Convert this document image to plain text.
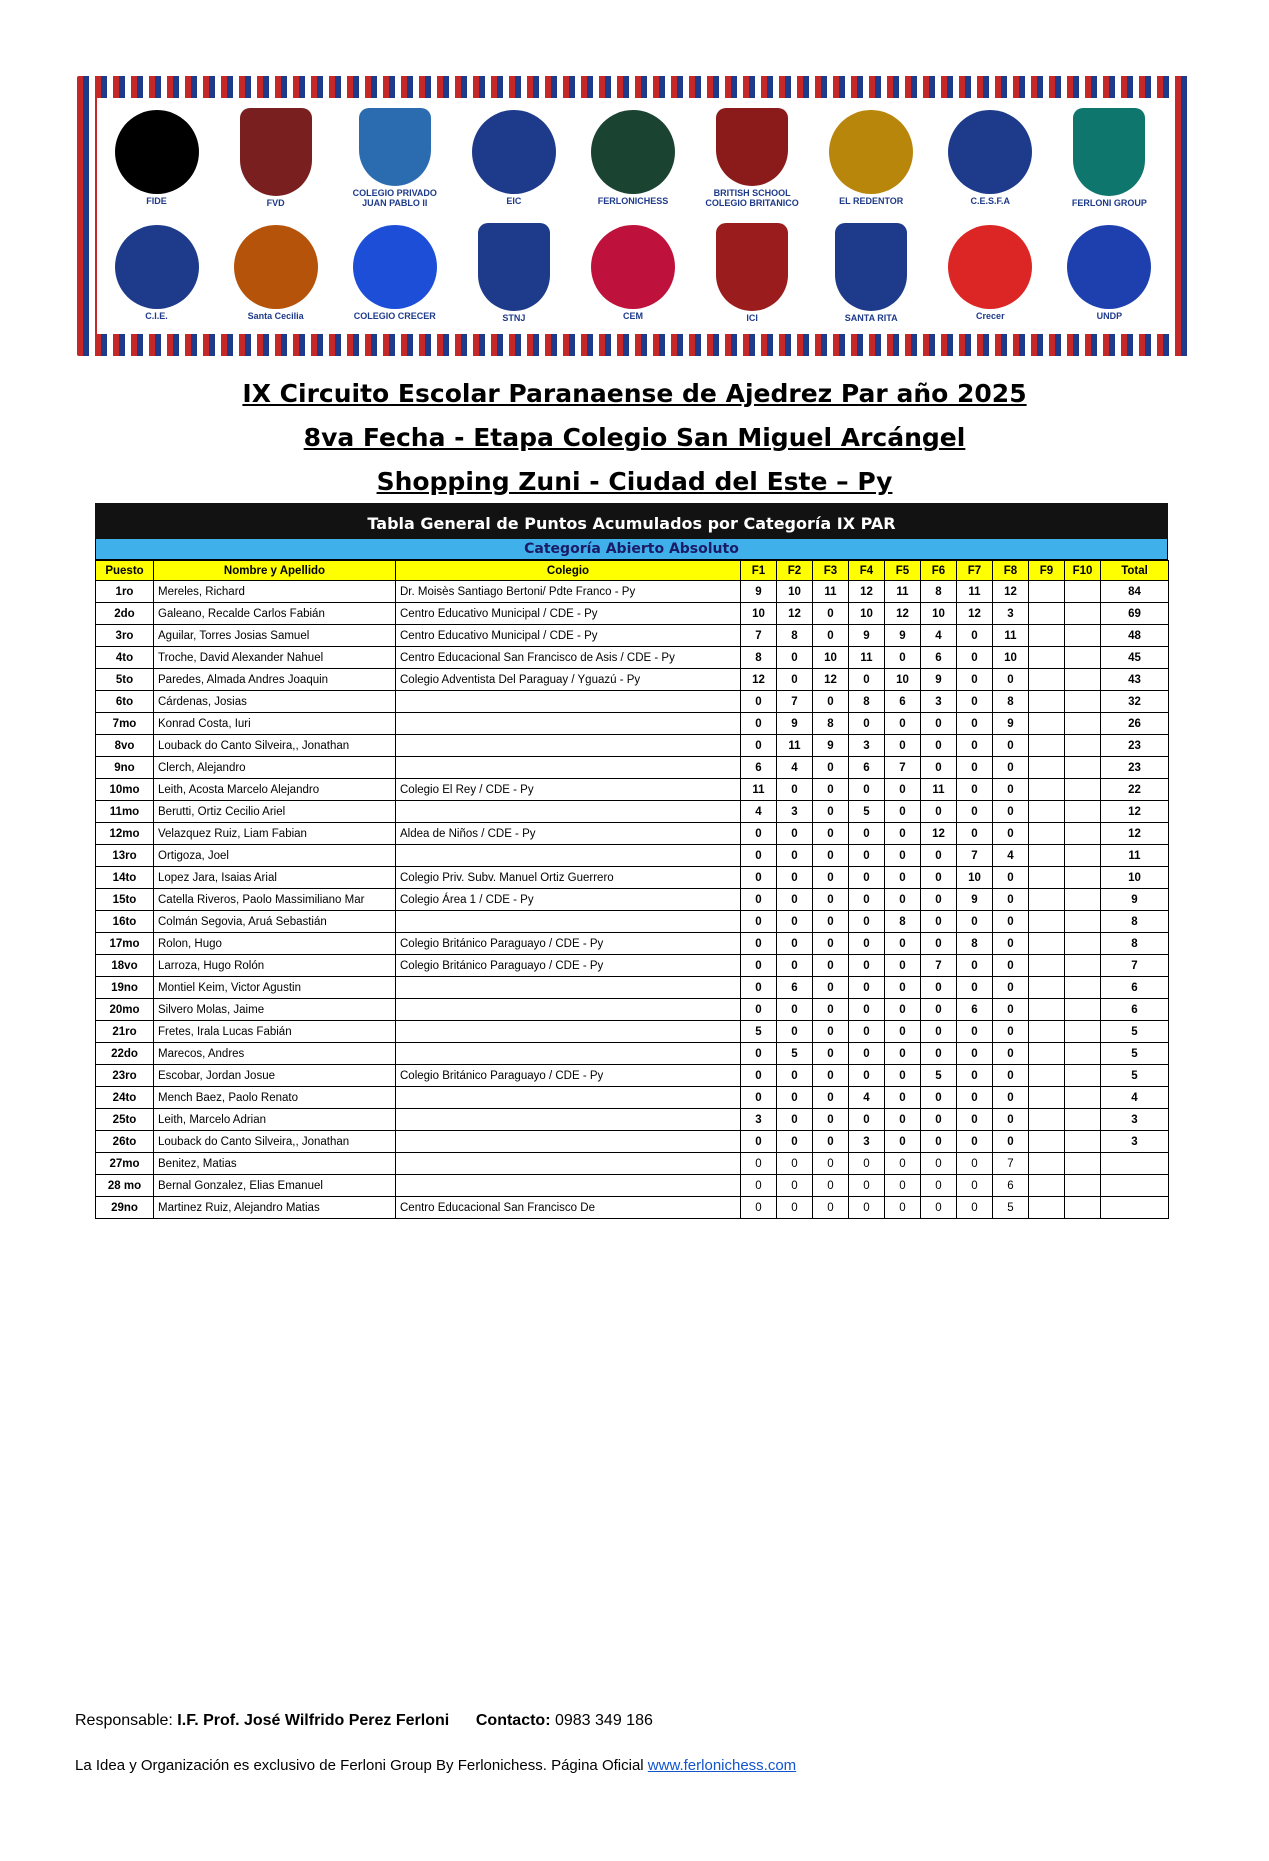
FIDE	FVD
COLEGIO PRIVADO JUAN PABLO II	EIC	FERLONICHESS
BRITISH SCHOOL COLEGIO BRITANICO	EL REDENTOR	C.E.S.F.A	FERLONI GROUP
C.I.E.	Santa Cecilia	COLEGIO CRECER	STNJ	CEM	ICI	SANTA RITA	Crecer	UNDP
IX Circuito Escolar Paranaense de Ajedrez Par año 2025
8va Fecha - Etapa Colegio San Miguel Arcángel
Shopping Zuni - Ciudad del Este – Py
Tabla General de Puntos Acumulados por Categoría IX PAR
Categoría Abierto Absoluto
Puesto	Nombre y Apellido	Colegio	F1	F2	F3	F4	F5	F6	F7	F8	F9	F10	Total
1ro	Mereles, Richard	Dr. Moisès Santiago Bertoni/ Pdte Franco - Py	9	10	11	12	11	8	11	12			84
2do	Galeano, Recalde Carlos Fabián	Centro Educativo Municipal / CDE - Py	10	12	0	10	12	10	12	3			69
3ro	Aguilar, Torres Josias Samuel	Centro Educativo Municipal / CDE - Py	7	8	0	9	9	4	0	11			48
4to	Troche, David Alexander Nahuel	Centro Educacional San Francisco de Asis / CDE - Py	8	0	10	11	0	6	0	10			45
5to	Paredes, Almada Andres Joaquin	Colegio Adventista Del Paraguay / Yguazú - Py	12	0	12	0	10	9	0	0			43
6to	Cárdenas, Josias		0	7	0	8	6	3	0	8			32
7mo	Konrad Costa, Iuri		0	9	8	0	0	0	0	9			26
8vo	Louback do Canto Silveira,, Jonathan		0	11	9	3	0	0	0	0			23
9no	Clerch, Alejandro		6	4	0	6	7	0	0	0			23
10mo	Leith, Acosta Marcelo Alejandro	Colegio El Rey / CDE - Py	11	0	0	0	0	11	0	0			22
11mo	Berutti, Ortiz Cecilio Ariel		4	3	0	5	0	0	0	0			12
12mo	Velazquez Ruiz, Liam Fabian	Aldea de Niños / CDE - Py	0	0	0	0	0	12	0	0			12
13ro	Ortigoza, Joel		0	0	0	0	0	0	7	4			11
14to	Lopez Jara, Isaias Arial	Colegio Priv. Subv. Manuel Ortiz Guerrero	0	0	0	0	0	0	10	0			10
15to	Catella Riveros, Paolo Massimiliano Mar	Colegio Área 1 / CDE - Py	0	0	0	0	0	0	9	0			9
16to	Colmán Segovia, Aruá Sebastián		0	0	0	0	8	0	0	0			8
17mo	Rolon, Hugo	Colegio Británico Paraguayo / CDE - Py	0	0	0	0	0	0	8	0			8
18vo	Larroza, Hugo Rolón	Colegio Británico Paraguayo / CDE - Py	0	0	0	0	0	7	0	0			7
19no	Montiel Keim, Victor Agustin		0	6	0	0	0	0	0	0			6
20mo	Silvero Molas, Jaime		0	0	0	0	0	0	6	0			6
21ro	Fretes, Irala Lucas Fabián		5	0	0	0	0	0	0	0			5
22do	Marecos, Andres		0	5	0	0	0	0	0	0			5
23ro	Escobar, Jordan Josue	Colegio Británico Paraguayo / CDE - Py	0	0	0	0	0	5	0	0			5
24to	Mench Baez, Paolo Renato		0	0	0	4	0	0	0	0			4
25to	Leith, Marcelo Adrian		3	0	0	0	0	0	0	0			3
26to	Louback do Canto Silveira,, Jonathan		0	0	0	3	0	0	0	0			3
27mo	Benitez, Matias		0	0	0	0	0	0	0	7			
28 mo	Bernal Gonzalez, Elias Emanuel		0	0	0	0	0	0	0	6			
29no	Martinez Ruiz, Alejandro Matias	Centro Educacional San Francisco De	0	0	0	0	0	0	0	5			
Responsable: I.F. Prof. José Wilfrido Perez Ferloni Contacto: 0983 349 186
La Idea y Organización es exclusivo de Ferloni Group By Ferlonichess. Página Oficial www.ferlonichess.com
